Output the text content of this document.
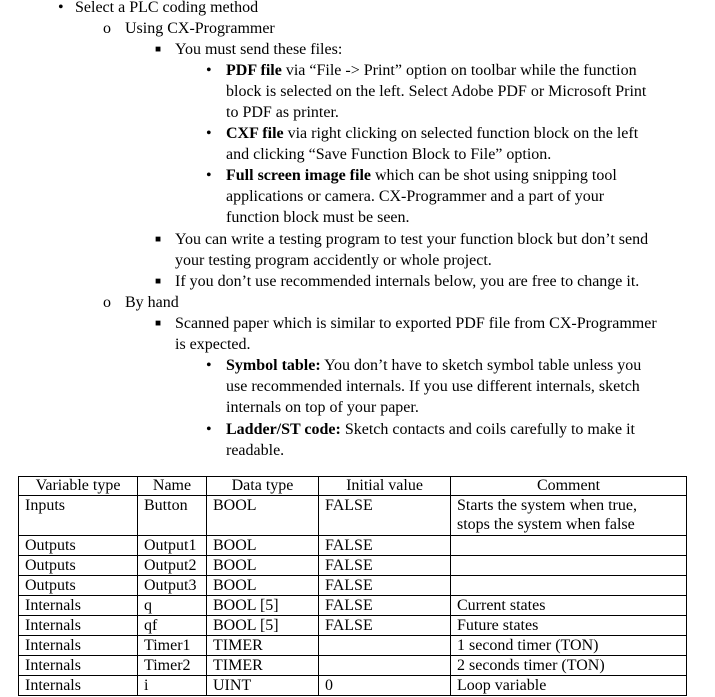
• Select a PLC coding method
o Using CX-Programmer
■ You must send these files:
• PDF file via “File -> Print” option on toolbar while the function
block is selected on the left. Select Adobe PDF or Microsoft Print
to PDF as printer.
• CXF file via right clicking on selected function block on the left
and clicking “Save Function Block to File” option.
• Full screen image file which can be shot using snipping tool
applications or camera. CX-Programmer and a part of your
function block must be seen.
■ You can write a testing program to test your function block but don’t send
your testing program accidently or whole project.
■ If you don’t use recommended internals below, you are free to change it.
o By hand
■ Scanned paper which is similar to exported PDF file from CX-Programmer
is expected.
• Symbol table: You don’t have to sketch symbol table unless you
use recommended internals. If you use different internals, sketch
internals on top of your paper.
• Ladder/ST code: Sketch contacts and coils carefully to make it
readable.
Variable type	Name	Data type	Initial value	Comment
Inputs	Button	BOOL	FALSE	Starts the system when true,
stops the system when false
Outputs	Output1	BOOL	FALSE	
Outputs	Output2	BOOL	FALSE	
Outputs	Output3	BOOL	FALSE	
Internals	q	BOOL [5]	FALSE	Current states
Internals	qf	BOOL [5]	FALSE	Future states
Internals	Timer1	TIMER		1 second timer (TON)
Internals	Timer2	TIMER		2 seconds timer (TON)
Internals	i	UINT	0	Loop variable
